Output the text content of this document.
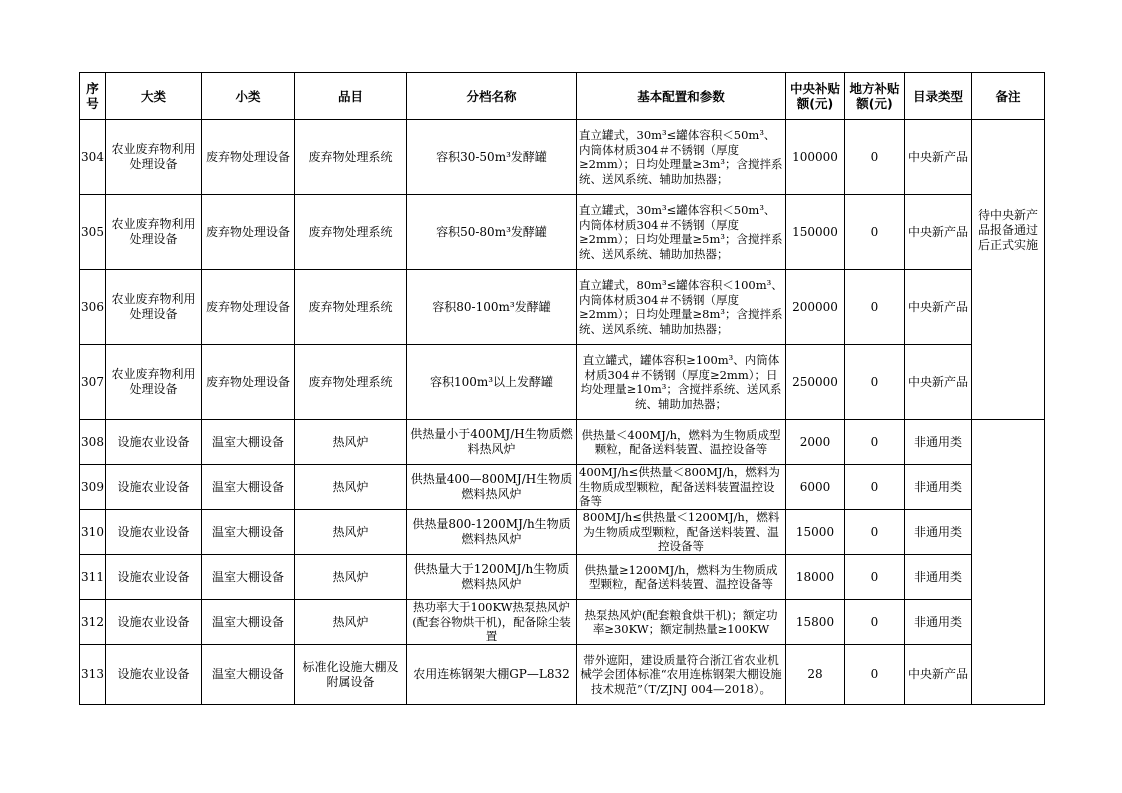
序号	大类	小类	品目	分档名称	基本配置和参数	中央补贴额(元)	地方补贴额(元)	目录类型	备注
304	农业废弃物利用处理设备	废弃物处理设备	废弃物处理系统	容积30-50m³发酵罐	直立罐式，30m³≤罐体容积＜50m³、内筒体材质304＃不锈钢（厚度≥2mm）；日均处理量≥3m³；含搅拌系统、送风系统、辅助加热器；	100000	0	中央新产品	待中央新产品报备通过后正式实施
305	农业废弃物利用处理设备	废弃物处理设备	废弃物处理系统	容积50-80m³发酵罐	直立罐式，30m³≤罐体容积＜50m³、内筒体材质304＃不锈钢（厚度≥2mm）；日均处理量≥5m³；含搅拌系统、送风系统、辅助加热器；	150000	0	中央新产品	
306	农业废弃物利用处理设备	废弃物处理设备	废弃物处理系统	容积80-100m³发酵罐	直立罐式，80m³≤罐体容积＜100m³、内筒体材质304＃不锈钢（厚度≥2mm）；日均处理量≥8m³；含搅拌系统、送风系统、辅助加热器；	200000	0	中央新产品	
307	农业废弃物利用处理设备	废弃物处理设备	废弃物处理系统	容积100m³以上发酵罐	直立罐式，罐体容积≥100m³、内筒体材质304＃不锈钢（厚度≥2mm）；日均处理量≥10m³；含搅拌系统、送风系统、辅助加热器；	250000	0	中央新产品	
308	设施农业设备	温室大棚设备	热风炉	供热量小于400MJ/H生物质燃料热风炉	供热量＜400MJ/h，燃料为生物质成型颗粒，配备送料装置、温控设备等	2000	0	非通用类	
309	设施农业设备	温室大棚设备	热风炉	供热量400—800MJ/H生物质燃料热风炉	400MJ/h≤供热量＜800MJ/h，燃料为生物质成型颗粒，配备送料装置温控设备等	6000	0	非通用类	
310	设施农业设备	温室大棚设备	热风炉	供热量800-1200MJ/h生物质燃料热风炉	800MJ/h≤供热量＜1200MJ/h，燃料为生物质成型颗粒，配备送料装置、温控设备等	15000	0	非通用类	
311	设施农业设备	温室大棚设备	热风炉	供热量大于1200MJ/h生物质燃料热风炉	供热量≥1200MJ/h，燃料为生物质成型颗粒，配备送料装置、温控设备等	18000	0	非通用类	
312	设施农业设备	温室大棚设备	热风炉	热功率大于100KW热泵热风炉(配套谷物烘干机)，配备除尘装置	热泵热风炉(配套粮食烘干机)；额定功率≥30KW；额定制热量≥100KW	15800	0	非通用类	
313	设施农业设备	温室大棚设备	标准化设施大棚及附属设备	农用连栋钢架大棚GP—L832	带外遮阳，建设质量符合浙江省农业机械学会团体标准“农用连栋钢架大棚设施技术规范”（T/ZJNJ 004—2018）。	28	0	中央新产品	
